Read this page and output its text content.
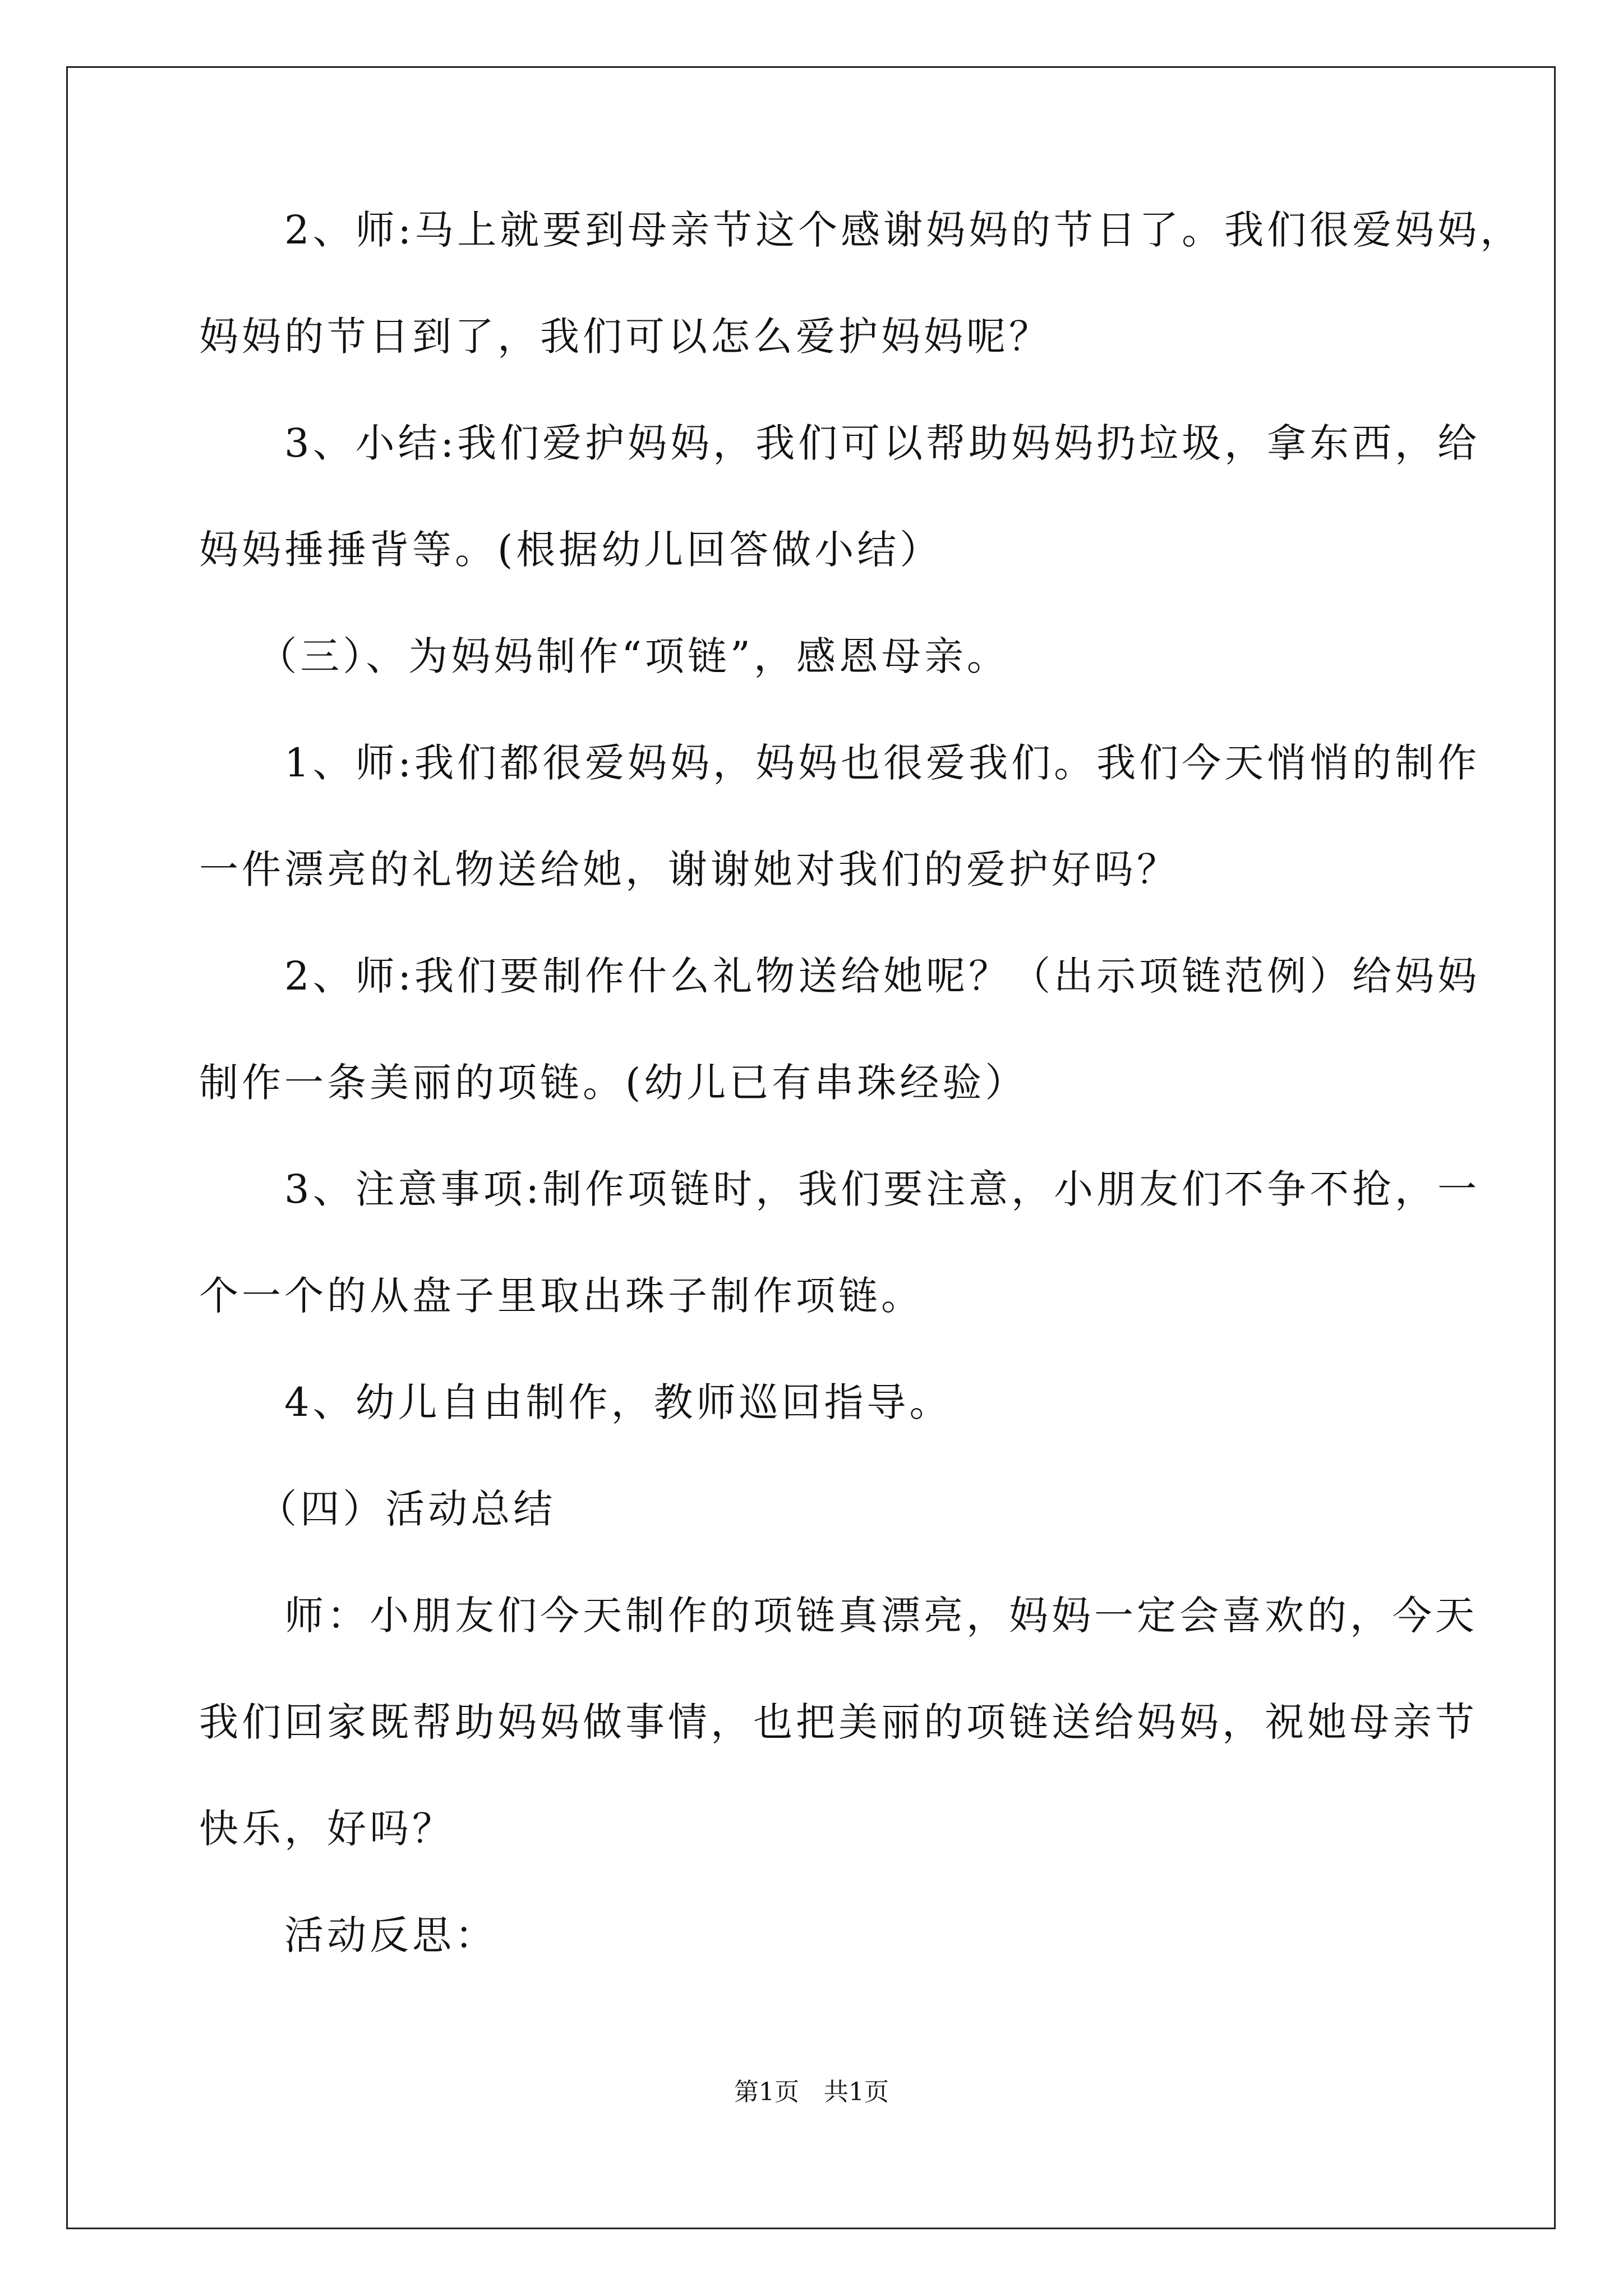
　　2、师:马上就要到母亲节这个感谢妈妈的节日了。我们很爱妈妈，
妈妈的节日到了，我们可以怎么爱护妈妈呢？
　　3、小结:我们爱护妈妈，我们可以帮助妈妈扔垃圾，拿东西，给
妈妈捶捶背等。(根据幼儿回答做小结）
　 （三）、为妈妈制作“项链”，感恩母亲。
　　1、师:我们都很爱妈妈，妈妈也很爱我们。我们今天悄悄的制作
一件漂亮的礼物送给她，谢谢她对我们的爱护好吗？
　　2、师:我们要制作什么礼物送给她呢？（出示项链范例）给妈妈
制作一条美丽的项链。(幼儿已有串珠经验）
　　3、注意事项:制作项链时，我们要注意，小朋友们不争不抢，一
个一个的从盘子里取出珠子制作项链。
　　4、幼儿自由制作，教师巡回指导。
　 （四）活动总结
　　师：小朋友们今天制作的项链真漂亮，妈妈一定会喜欢的，今天
我们回家既帮助妈妈做事情，也把美丽的项链送给妈妈，祝她母亲节
快乐，好吗？
　　活动反思：
第1页　共1页
